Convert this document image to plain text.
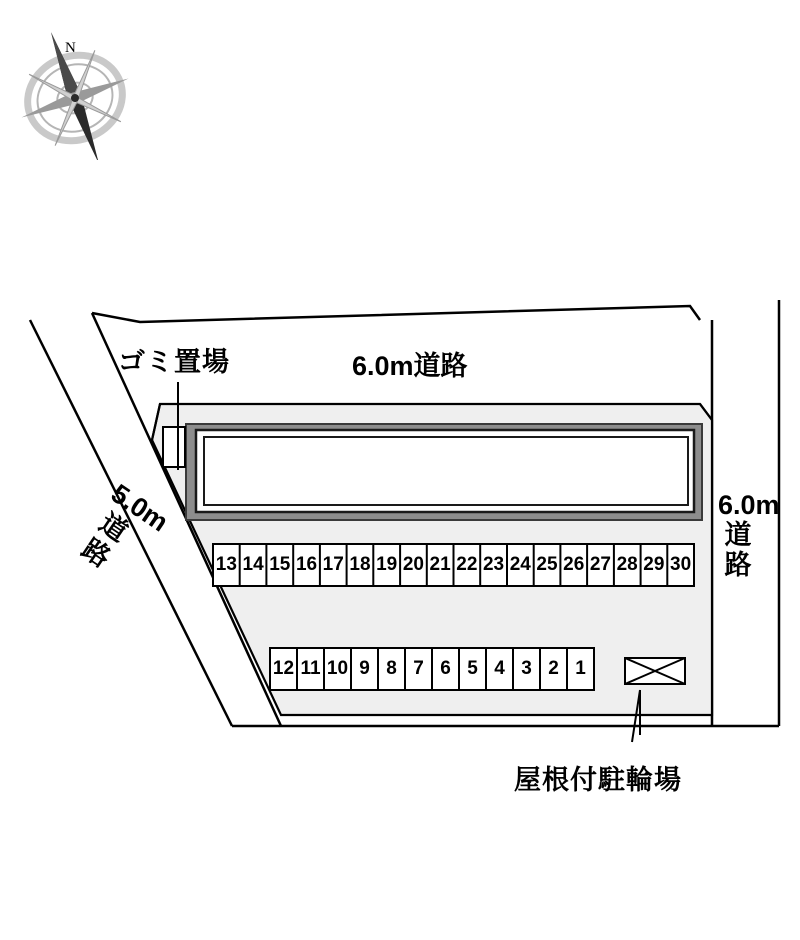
N
ゴミ置場	6.0m道路
6.0m道路
5.0m道路
屋根付駐輪場
13 14 15 16 17 18 19 20 21 22 23 24 25 26 27 28 29 30
12 11 10 9 8 7 6 5 4 3 2 1
